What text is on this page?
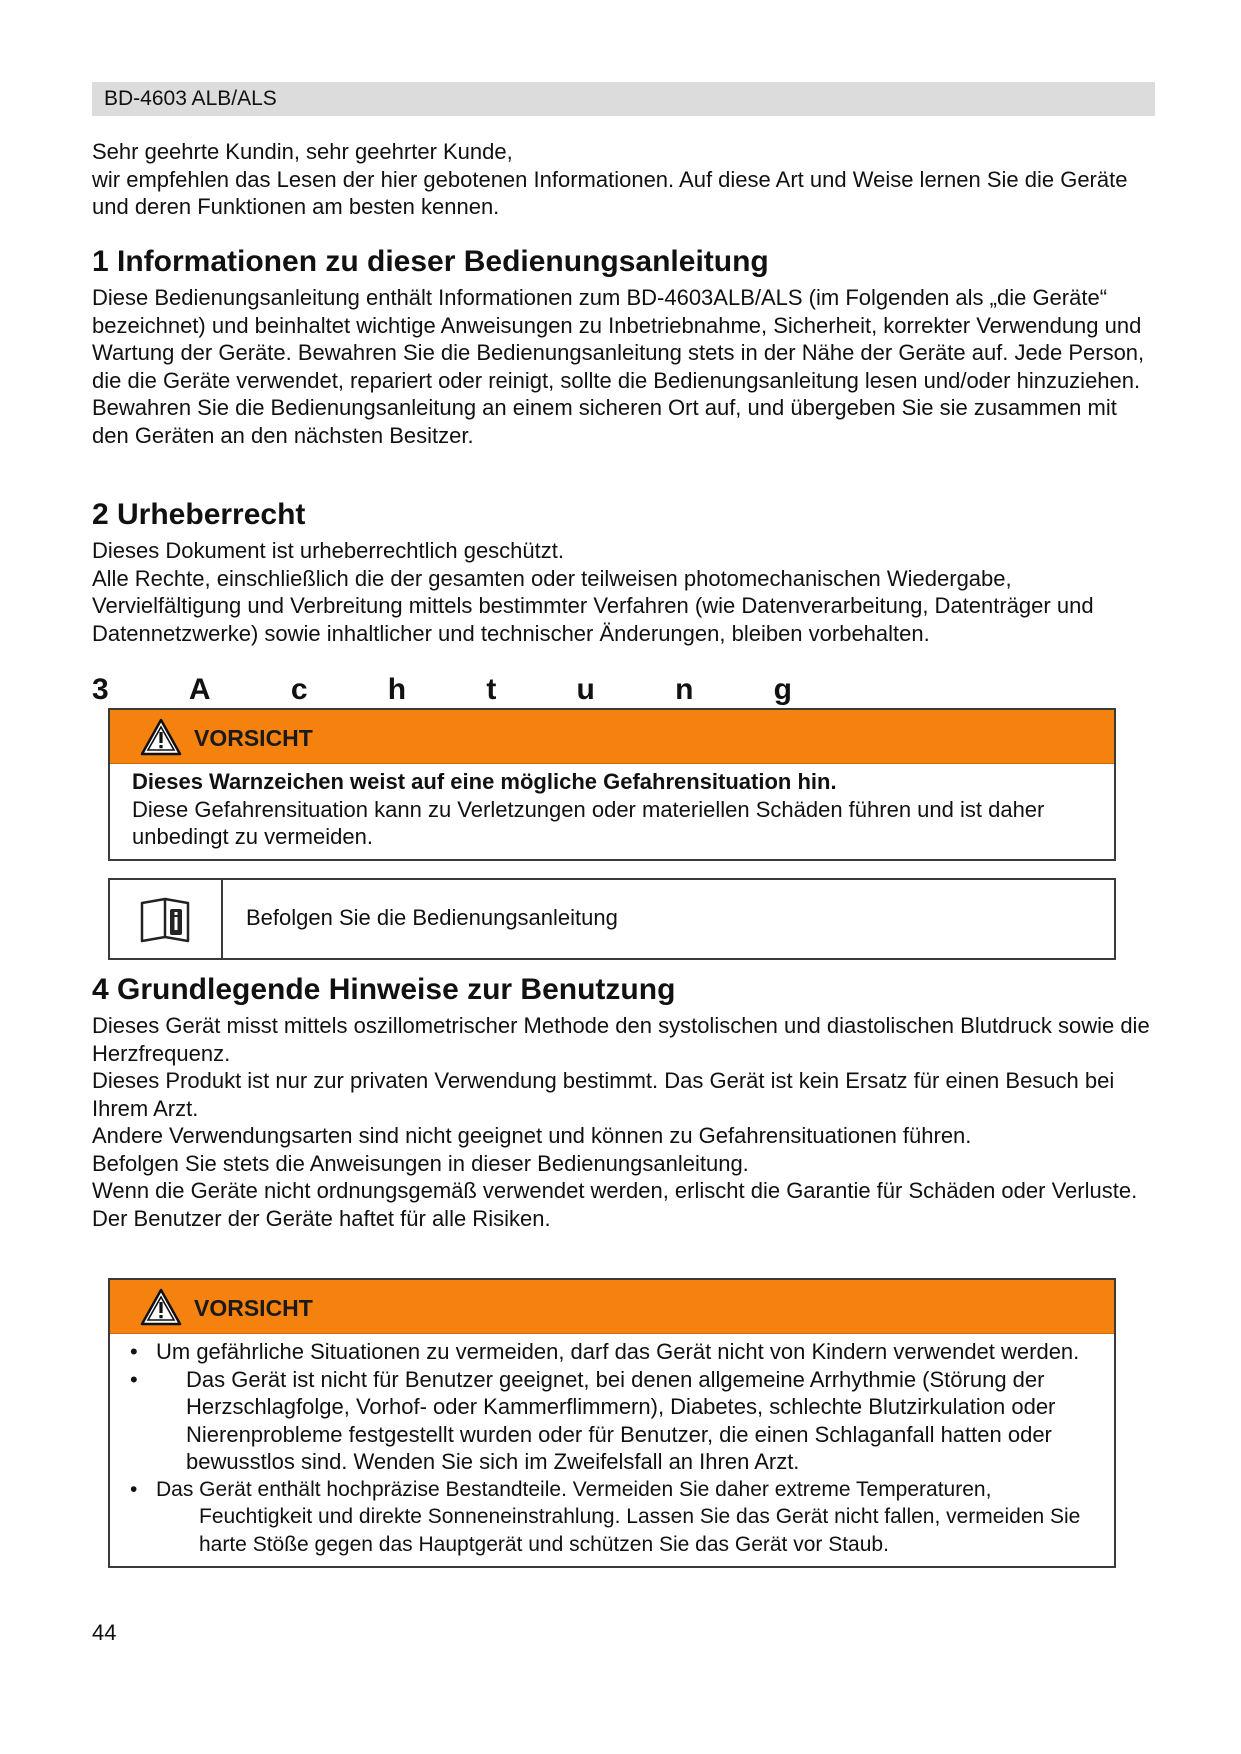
BD-4603 ALB/ALS

Sehr geehrte Kundin, sehr geehrter Kunde,

wir empfehlen das Lesen der hier gebotenen Informationen. Auf diese Art und Weise lernen Sie die Geräte und deren Funktionen am besten kennen.

1 Informationen zu dieser Bedienungsanleitung

Diese Bedienungsanleitung enthält Informationen zum BD-4603ALB/ALS (im Folgenden als „die Geräte“ bezeichnet) und beinhaltet wichtige Anweisungen zu Inbetriebnahme, Sicherheit, korrekter Verwendung und Wartung der Geräte. Bewahren Sie die Bedienungsanleitung stets in der Nähe der Geräte auf. Jede Person, die die Geräte verwendet, repariert oder reinigt, sollte die Bedienungsanleitung lesen und/oder hinzuziehen.

Bewahren Sie die Bedienungsanleitung an einem sicheren Ort auf, und übergeben Sie sie zusammen mit den Geräten an den nächsten Besitzer.

2 Urheberrecht

Dieses Dokument ist urheberrechtlich geschützt.

Alle Rechte, einschließlich die der gesamten oder teilweisen photomechanischen Wiedergabe, Vervielfältigung und Verbreitung mittels bestimmter Verfahren (wie Datenverarbeitung, Datenträger und Datennetzwerke) sowie inhaltlicher und technischer Änderungen, bleiben vorbehalten.

3	A	c	h	t	u	n	g
VORSICHT

Dieses Warnzeichen weist auf eine mögliche Gefahrensituation hin.

Diese Gefahrensituation kann zu Verletzungen oder materiellen Schäden führen und ist daher unbedingt zu vermeiden.

Befolgen Sie die Bedienungsanleitung
4 Grundlegende Hinweise zur Benutzung

Dieses Gerät misst mittels oszillometrischer Methode den systolischen und diastolischen Blutdruck sowie die Herzfrequenz.

Dieses Produkt ist nur zur privaten Verwendung bestimmt. Das Gerät ist kein Ersatz für einen Besuch bei Ihrem Arzt.

Andere Verwendungsarten sind nicht geeignet und können zu Gefahrensituationen führen.

Befolgen Sie stets die Anweisungen in dieser Bedienungsanleitung.

Wenn die Geräte nicht ordnungsgemäß verwendet werden, erlischt die Garantie für Schäden oder Verluste.

Der Benutzer der Geräte haftet für alle Risiken.

VORSICHT
• Um gefährliche Situationen zu vermeiden, darf das Gerät nicht von Kindern verwendet werden.
• Das Gerät ist nicht für Benutzer geeignet, bei denen allgemeine Arrhythmie (Störung der Herzschlagfolge, Vorhof- oder Kammerflimmern), Diabetes, schlechte Blutzirkulation oder Nierenprobleme festgestellt wurden oder für Benutzer, die einen Schlaganfall hatten oder bewusstlos sind. Wenden Sie sich im Zweifelsfall an Ihren Arzt.
• Das Gerät enthält hochpräzise Bestandteile. Vermeiden Sie daher extreme Temperaturen, Feuchtigkeit und direkte Sonneneinstrahlung. Lassen Sie das Gerät nicht fallen, vermeiden Sie harte Stöße gegen das Hauptgerät und schützen Sie das Gerät vor Staub.
44
